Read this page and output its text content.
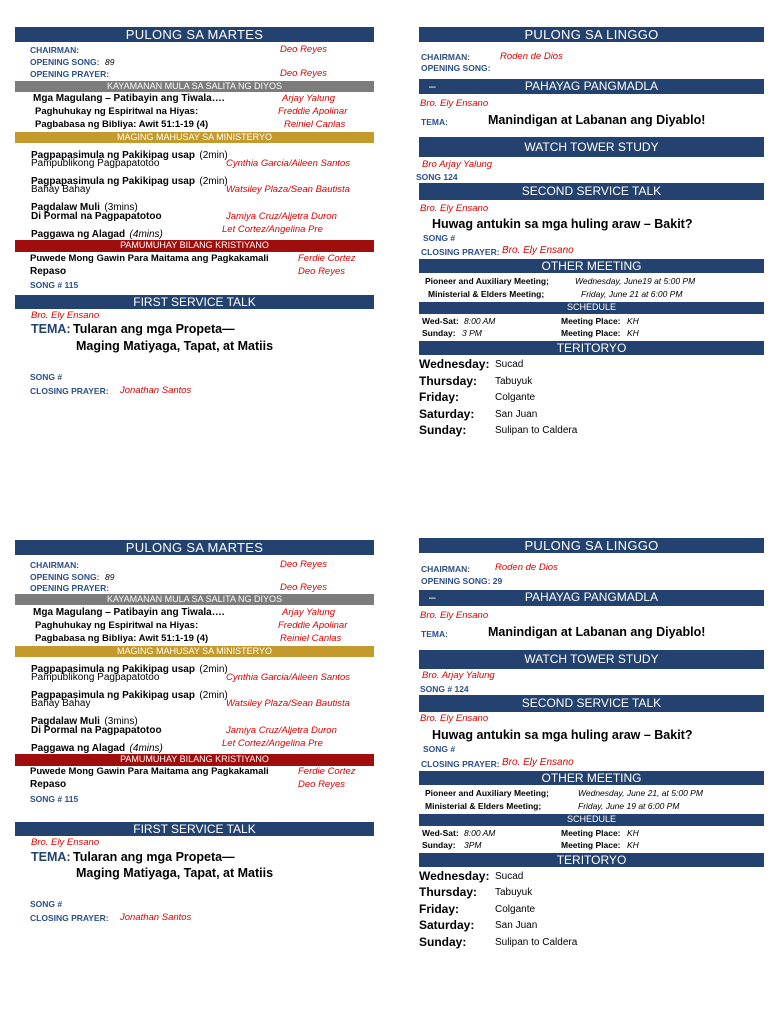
PULONG SA MARTES
CHAIRMAN:	Deo Reyes
OPENING SONG: 89
OPENING PRAYER:	Deo Reyes
KAYAMANAN MULA SA SALITA NG DIYOS
Mga Magulang – Patibayin ang Tiwala….	Arjay Yalung
Paghuhukay ng Espiritwal na Hiyas:	Freddie Apolinar
Pagbabasa ng Bibliya: Awit 51:1-19 (4)	Reiniel Canlas
MAGING MAHUSAY SA MINISTERYO
Pagpapasimula ng Pakikipag usap (2min)
Pampublikong Pagpapatotoo	Cynthia Garcia/Aileen Santos
Pagpapasimula ng Pakikipag usap (2min)
Bahay Bahay	Watsiley Plaza/Sean Bautista
Pagdalaw Muli (3mins)
Di Pormal na Pagpapatotoo	Jamiya Cruz/Aljetra Duron
Paggawa ng Alagad (4mins)	Let Cortez/Angelina Pre
PAMUMUHAY BILANG KRISTIYANO
Puwede Mong Gawin Para Maitama ang Pagkakamali	Ferdie Cortez
Repaso	Deo Reyes
SONG # 115
FIRST SERVICE TALK
Bro. Ely Ensano
TEMA: Tularan ang mga Propeta—
Maging Matiyaga, Tapat, at Matiis
SONG #
CLOSING PRAYER: Jonathan Santos
PULONG SA MARTES
CHAIRMAN:	Deo Reyes
OPENING SONG: 89
OPENING PRAYER:	Deo Reyes
KAYAMANAN MULA SA SALITA NG DIYOS
Mga Magulang – Patibayin ang Tiwala….	Arjay Yalung
Paghuhukay ng Espiritwal na Hiyas:	Freddie Apolinar
Pagbabasa ng Bibliya: Awit 51:1-19 (4)	Reiniel Canlas
MAGING MAHUSAY SA MINISTERYO
Pagpapasimula ng Pakikipag usap (2min)
Pampublikong Pagpapatotoo	Cynthia Garcia/Aileen Santos
Pagpapasimula ng Pakikipag usap (2min)
Bahay Bahay	Watsiley Plaza/Sean Bautista
Pagdalaw Muli (3mins)
Di Pormal na Pagpapatotoo	Jamiya Cruz/Aljetra Duron
Paggawa ng Alagad (4mins)	Let Cortez/Angelina Pre
PAMUMUHAY BILANG KRISTIYANO
Puwede Mong Gawin Para Maitama ang Pagkakamali	Ferdie Cortez
Repaso	Deo Reyes
SONG # 115
FIRST SERVICE TALK
Bro. Ely Ensano
TEMA: Tularan ang mga Propeta—
Maging Matiyaga, Tapat, at Matiis
SONG #
CLOSING PRAYER: Jonathan Santos
PULONG SA LINGGO
CHAIRMAN:	Roden de Dios
OPENING SONG:
–	PAHAYAG PANGMADLA
Bro. Ely Ensano
TEMA:	Manindigan at Labanan ang Diyablo!
WATCH TOWER STUDY
Bro Arjay Yalung
SONG 124
SECOND SERVICE TALK
Bro. Ely Ensano
Huwag antukin sa mga huling araw – Bakit?
SONG #
CLOSING PRAYER: Bro. Ely Ensano
OTHER MEETING
Pioneer and Auxiliary Meeting;	Wednesday, June19 at 5:00 PM
Ministerial & Elders Meeting;	Friday, June 21 at 6:00 PM
SCHEDULE
Wed-Sat: 8:00 AM	Meeting Place: KH
Sunday: 3 PM	Meeting Place: KH
TERITORYO
Wednesday: Sucad
Thursday: Tabuyuk
Friday:	Colgante
Saturday: San Juan
Sunday:	Sulipan to Caldera
PULONG SA LINGGO
CHAIRMAN:	Roden de Dios
OPENING SONG: 29
–	PAHAYAG PANGMADLA
Bro. Ely Ensano
TEMA:	Manindigan at Labanan ang Diyablo!
WATCH TOWER STUDY
Bro. Arjay Yalung
SONG # 124
SECOND SERVICE TALK
Bro. Ely Ensano
Huwag antukin sa mga huling araw – Bakit?
SONG #
CLOSING PRAYER: Bro. Ely Ensano
OTHER MEETING
Pioneer and Auxiliary Meeting;	Wednesday, June 21, at 5:00 PM
Ministerial & Elders Meeting;	Friday, June 19 at 6:00 PM
SCHEDULE
Wed-Sat: 8:00 AM	Meeting Place: KH
Sunday: 3PM	Meeting Place: KH
TERITORYO
Wednesday: Sucad
Thursday: Tabuyuk
Friday:	Colgante
Saturday: San Juan
Sunday:	Sulipan to Caldera
